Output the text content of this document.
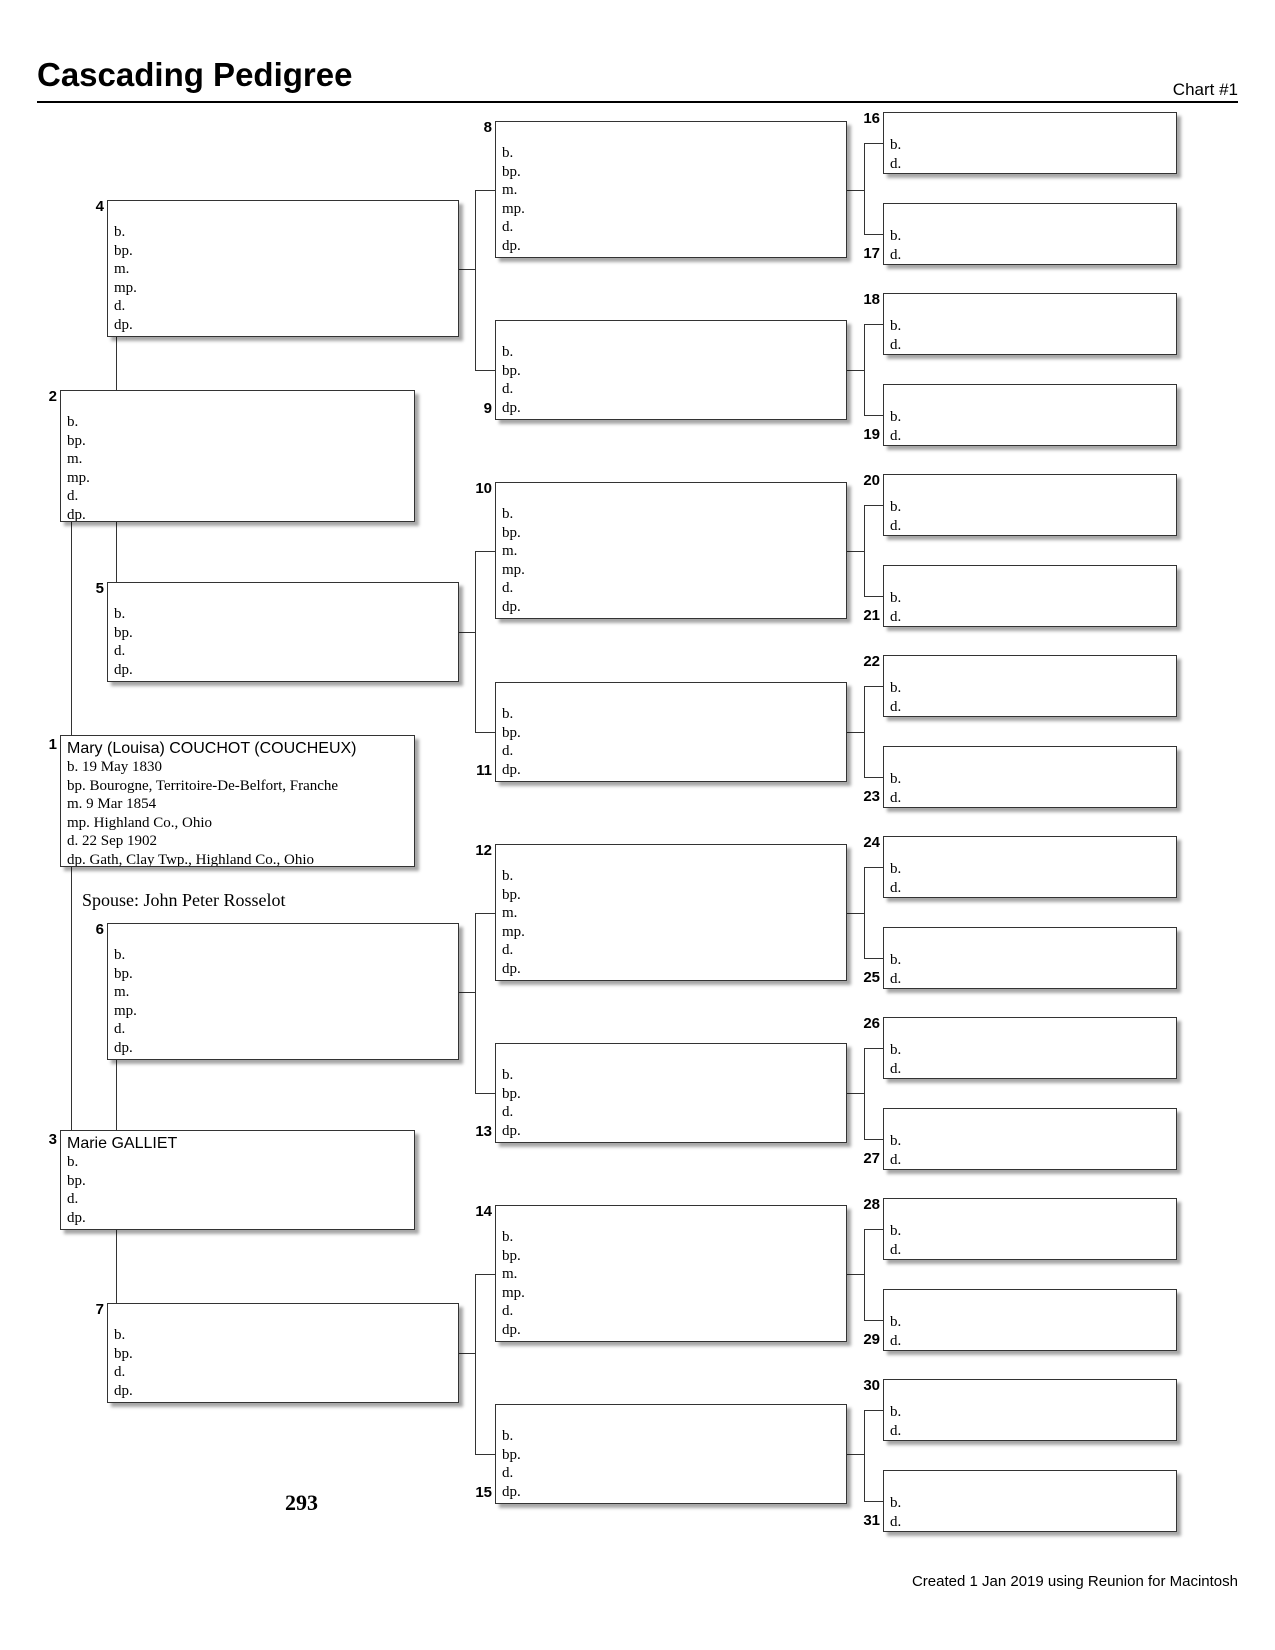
Cascading Pedigree	Chart #1
Mary (Louisa) COUCHOT (COUCHEUX)
b. 19 May 1830
bp. Bourogne, Territoire-De-Belfort, Franche
m. 9 Mar 1854
mp. Highland Co., Ohio
d. 22 Sep 1902
dp. Gath, Clay Twp., Highland Co., Ohio
b.
bp.
m.
mp.
d.
dp.
Marie GALLIET
b.
bp.
d.
dp.
b.
bp.
m.
mp.
d.
dp.
b.
bp.
d.
dp.
b.
bp.
m.
mp.
d.
dp.
b.
bp.
d.
dp.
b.
bp.
m.
mp.
d.
dp.
b.
bp.
d.
dp.
b.
bp.
m.
mp.
d.
dp.
b.
bp.
d.
dp.
b.
bp.
m.
mp.
d.
dp.
b.
bp.
d.
dp.
b.
bp.
m.
mp.
d.
dp.
b.
bp.
d.
dp.
b.
d.
b.
d.
b.
d.
b.
d.
b.
d.
b.
d.
b.
d.
b.
d.
b.
d.
b.
d.
b.
d.
b.
d.
b.
d.
b.
d.
b.
d.
b.
d.
Spouse: John Peter Rosselot
293
Created 1 Jan 2019 using Reunion for Macintosh
1
2
3
4
5
6
7
8
9
10
11
12
13
14
15
16
17
18
19
20
21
22
23
24
25
26
27
28
29
30
31
